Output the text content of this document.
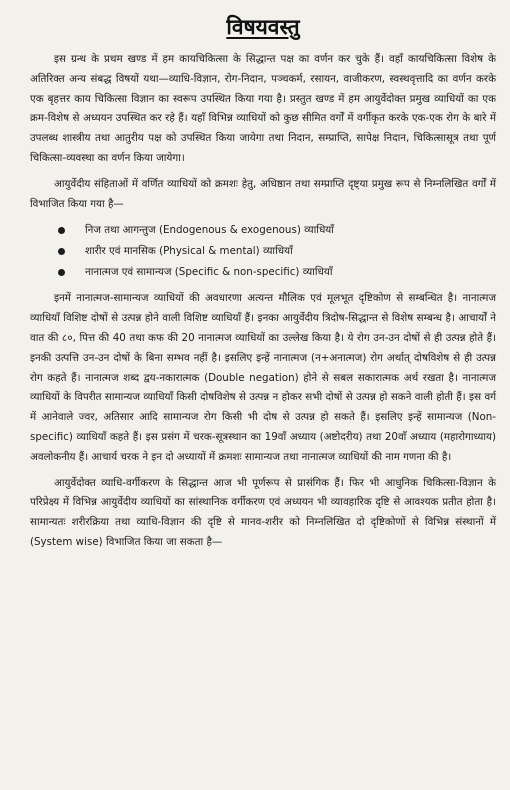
विषयवस्तु

इस ग्रन्थ के प्रथम खण्ड में हम कायचिकित्सा के सिद्धान्त पक्ष का वर्णन कर चुके हैं। वहाँ कायचिकित्सा विशेष के अतिरिक्त अन्य संबद्ध विषयों यथा—व्याधि-विज्ञान, रोग-निदान, पञ्चकर्म, रसायन, वाजीकरण, स्वस्थवृत्तादि का वर्णन करके एक बृहत्तर काय चिकित्सा विज्ञान का स्वरूप उपस्थित किया गया है। प्रस्तुत खण्ड में हम आयुर्वेदोक्त प्रमुख व्याधियों का एक क्रम-विशेष से अध्ययन उपस्थित कर रहे हैं। यहाँ विभिन्न व्याधियों को कुछ सीमित वर्गों में वर्गीकृत करके एक-एक रोग के बारे में उपलब्ध शास्त्रीय तथा आतुरीय पक्ष को उपस्थित किया जायेगा तथा निदान, सम्प्राप्ति, सापेक्ष निदान, चिकित्सासूत्र तथा पूर्ण चिकित्सा-व्यवस्था का वर्णन किया जायेगा।

आयुर्वेदीय संहिताओं में वर्णित व्याधियों को क्रमशः हेतु, अधिष्ठान तथा सम्प्राप्ति दृष्ट्या प्रमुख रूप से निम्नलिखित वर्गों में विभाजित किया गया है—

निज तथा आगन्तुज (Endogenous & exogenous) व्याधियाँ
शारीर एवं मानसिक (Physical & mental) व्याधियाँ
नानात्मज एवं सामान्यज (Specific & non-specific) व्याधियाँ

इनमें नानात्मज-सामान्यज व्याधियों की अवधारणा अत्यन्त मौलिक एवं मूलभूत दृष्टिकोण से सम्बन्धित है। नानात्मज व्याधियाँ विशिष्ट दोषों से उत्पन्न होने वाली विशिष्ट व्याधियाँ हैं। इनका आयुर्वेदीय त्रिदोष-सिद्धान्त से विशेष सम्बन्ध है। आचार्यों ने वात की ८०, पित्त की 40 तथा कफ की 20 नानात्मज व्याधियों का उल्लेख किया है। ये रोग उन-उन दोषों से ही उत्पन्न होते हैं। इनकी उत्पत्ति उन-उन दोषों के बिना सम्भव नहीं है। इसलिए इन्हें नानात्मज (न+अनात्मज) रोग अर्थात् दोषविशेष से ही उत्पन्न रोग कहते हैं। नानात्मज शब्द द्वय-नकारात्मक (Double negation) होने से सबल सकारात्मक अर्थ रखता है। नानात्मज व्याधियों के विपरीत सामान्यज व्याधियाँ किसी दोषविशेष से उत्पन्न न होकर सभी दोषों से उत्पन्न हो सकने वाली होती हैं। इस वर्ग में आनेवाले ज्वर, अतिसार आदि सामान्यज रोग किसी भी दोष से उत्पन्न हो सकते हैं। इसलिए इन्हें सामान्यज (Non-specific) व्याधियाँ कहते हैं। इस प्रसंग में चरक-सूत्रस्थान का 19वाँ अध्याय (अष्टोदरीय) तथा 20वाँ अध्याय (महारोगाध्याय) अवलोकनीय हैं। आचार्य चरक ने इन दो अध्यायों में क्रमशः सामान्यज तथा नानात्मज व्याधियों की नाम गणना की है।

आयुर्वेदोक्त व्याधि-वर्गीकरण के सिद्धान्त आज भी पूर्णरूप से प्रासंगिक हैं। फिर भी आधुनिक चिकित्सा-विज्ञान के परिप्रेक्ष्य में विभिन्न आयुर्वेदीय व्याधियों का सांस्थानिक वर्गीकरण एवं अध्ययन भी व्यावहारिक दृष्टि से आवश्यक प्रतीत होता है। सामान्यतः शरीरक्रिया तथा व्याधि-विज्ञान की दृष्टि से मानव-शरीर को निम्नलिखित दो दृष्टिकोणों से विभिन्न संस्थानों में (System wise) विभाजित किया जा सकता है—
